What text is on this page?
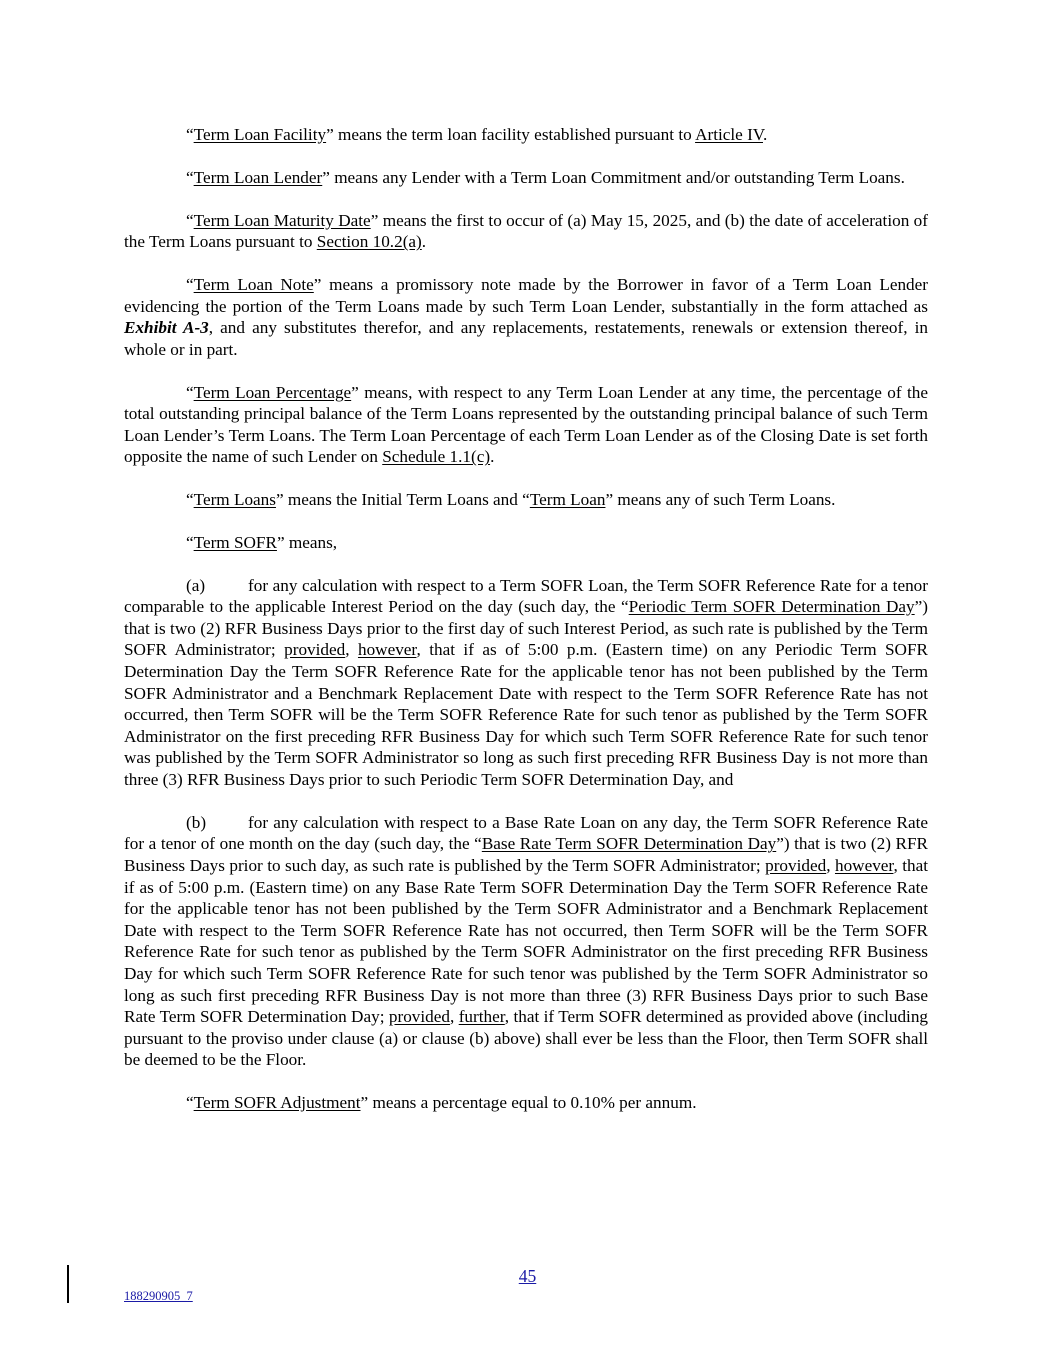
“Term Loan Facility” means the term loan facility established pursuant to Article IV.

“Term Loan Lender” means any Lender with a Term Loan Commitment and/or outstanding Term Loans.

“Term Loan Maturity Date” means the first to occur of (a) May 15, 2025, and (b) the date of acceleration of the Term Loans pursuant to Section 10.2(a).

“Term Loan Note” means a promissory note made by the Borrower in favor of a Term Loan Lender evidencing the portion of the Term Loans made by such Term Loan Lender, substantially in the form attached as Exhibit A-3, and any substitutes therefor, and any replacements, restatements, renewals or extension thereof, in whole or in part.

“Term Loan Percentage” means, with respect to any Term Loan Lender at any time, the percentage of the total outstanding principal balance of the Term Loans represented by the outstanding principal balance of such Term Loan Lender’s Term Loans. The Term Loan Percentage of each Term Loan Lender as of the Closing Date is set forth opposite the name of such Lender on Schedule 1.1(c).

“Term Loans” means the Initial Term Loans and “Term Loan” means any of such Term Loans.

“Term SOFR” means,

(a) for any calculation with respect to a Term SOFR Loan, the Term SOFR Reference Rate for a tenor comparable to the applicable Interest Period on the day (such day, the “Periodic Term SOFR Determination Day”) that is two (2) RFR Business Days prior to the first day of such Interest Period, as such rate is published by the Term SOFR Administrator; provided, however, that if as of 5:00 p.m. (Eastern time) on any Periodic Term SOFR Determination Day the Term SOFR Reference Rate for the applicable tenor has not been published by the Term SOFR Administrator and a Benchmark Replacement Date with respect to the Term SOFR Reference Rate has not occurred, then Term SOFR will be the Term SOFR Reference Rate for such tenor as published by the Term SOFR Administrator on the first preceding RFR Business Day for which such Term SOFR Reference Rate for such tenor was published by the Term SOFR Administrator so long as such first preceding RFR Business Day is not more than three (3) RFR Business Days prior to such Periodic Term SOFR Determination Day, and

(b) for any calculation with respect to a Base Rate Loan on any day, the Term SOFR Reference Rate for a tenor of one month on the day (such day, the “Base Rate Term SOFR Determination Day”) that is two (2) RFR Business Days prior to such day, as such rate is published by the Term SOFR Administrator; provided, however, that if as of 5:00 p.m. (Eastern time) on any Base Rate Term SOFR Determination Day the Term SOFR Reference Rate for the applicable tenor has not been published by the Term SOFR Administrator and a Benchmark Replacement Date with respect to the Term SOFR Reference Rate has not occurred, then Term SOFR will be the Term SOFR Reference Rate for such tenor as published by the Term SOFR Administrator on the first preceding RFR Business Day for which such Term SOFR Reference Rate for such tenor was published by the Term SOFR Administrator so long as such first preceding RFR Business Day is not more than three (3) RFR Business Days prior to such Base Rate Term SOFR Determination Day; provided, further, that if Term SOFR determined as provided above (including pursuant to the proviso under clause (a) or clause (b) above) shall ever be less than the Floor, then Term SOFR shall be deemed to be the Floor.

“Term SOFR Adjustment” means a percentage equal to 0.10% per annum.

45
188290905_7
